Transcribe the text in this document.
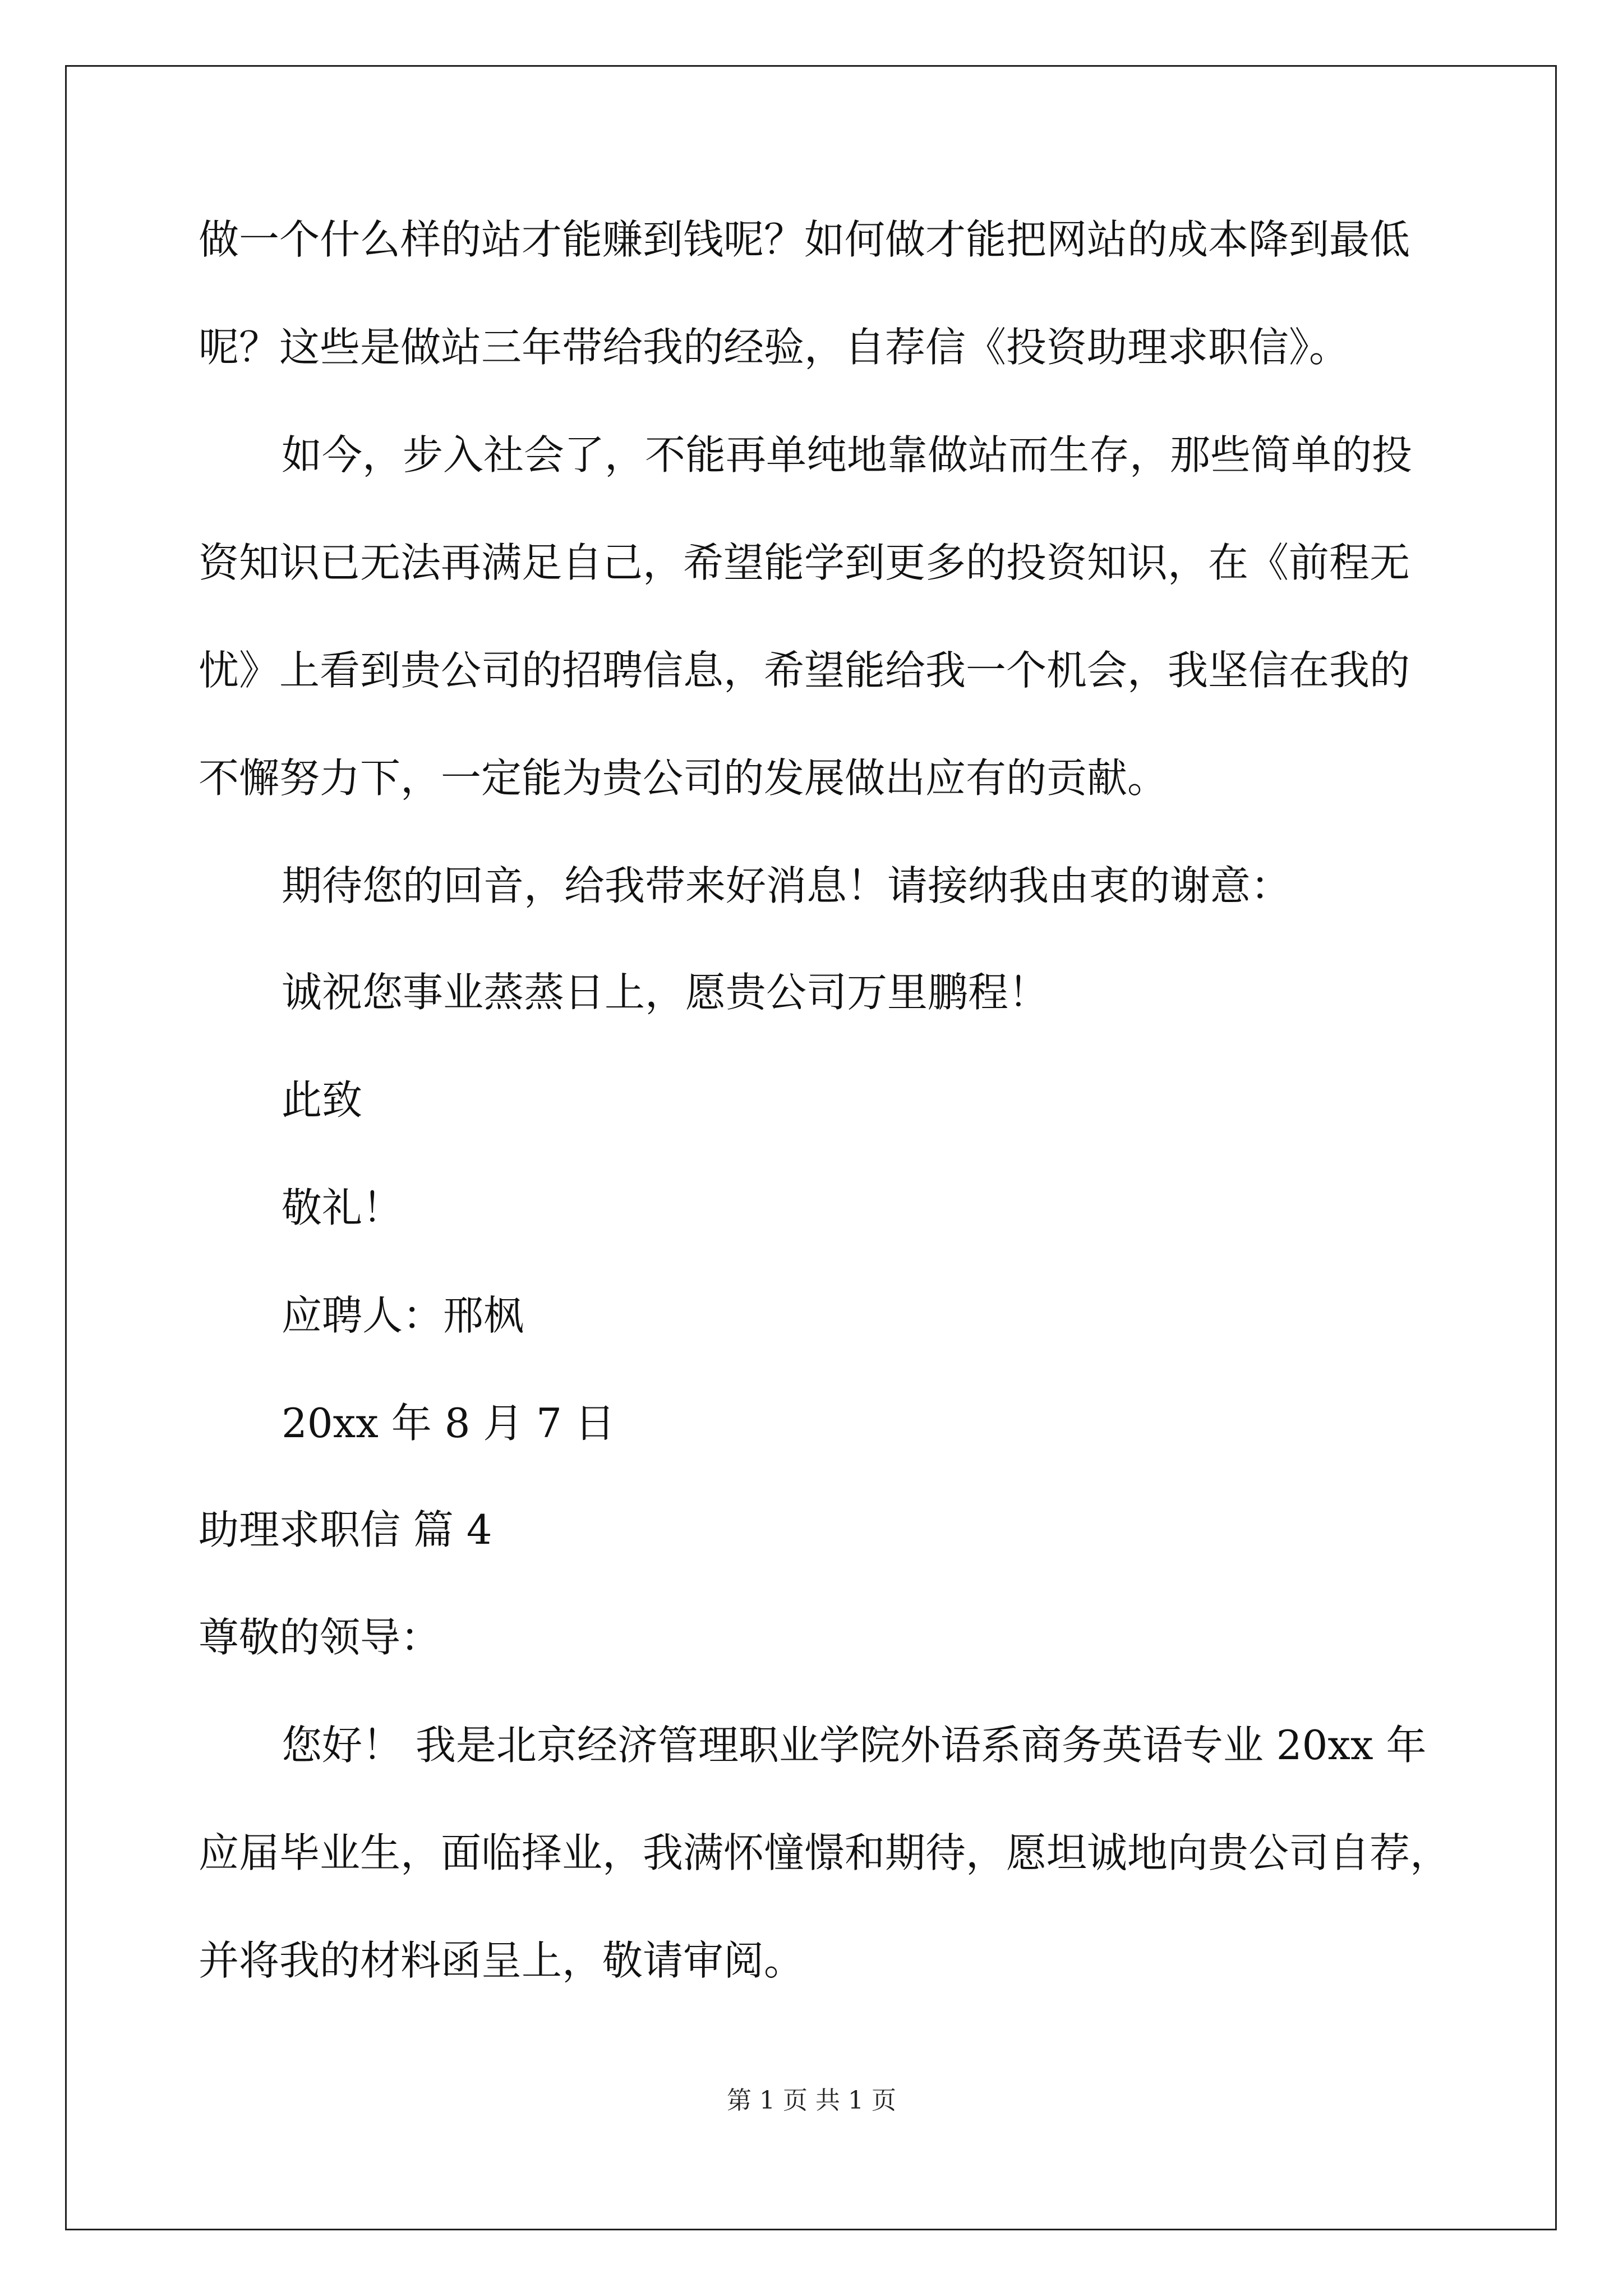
做一个什么样的站才能赚到钱呢？如何做才能把网站的成本降到最低
呢？这些是做站三年带给我的经验，自荐信《投资助理求职信》。
如今，步入社会了，不能再单纯地靠做站而生存，那些简单的投
资知识已无法再满足自己，希望能学到更多的投资知识，在《前程无
忧》上看到贵公司的招聘信息，希望能给我一个机会，我坚信在我的
不懈努力下，一定能为贵公司的发展做出应有的贡献。
期待您的回音，给我带来好消息！请接纳我由衷的谢意：
诚祝您事业蒸蒸日上，愿贵公司万里鹏程！
此致
敬礼！
应聘人：邢枫
20xx 年 8 月 7 日
助理求职信 篇 4
尊敬的领导：
您好！ 我是北京经济管理职业学院外语系商务英语专业 20xx 年
应届毕业生，面临择业，我满怀憧憬和期待，愿坦诚地向贵公司自荐，
并将我的材料函呈上，敬请审阅。
第 1 页 共 1 页
